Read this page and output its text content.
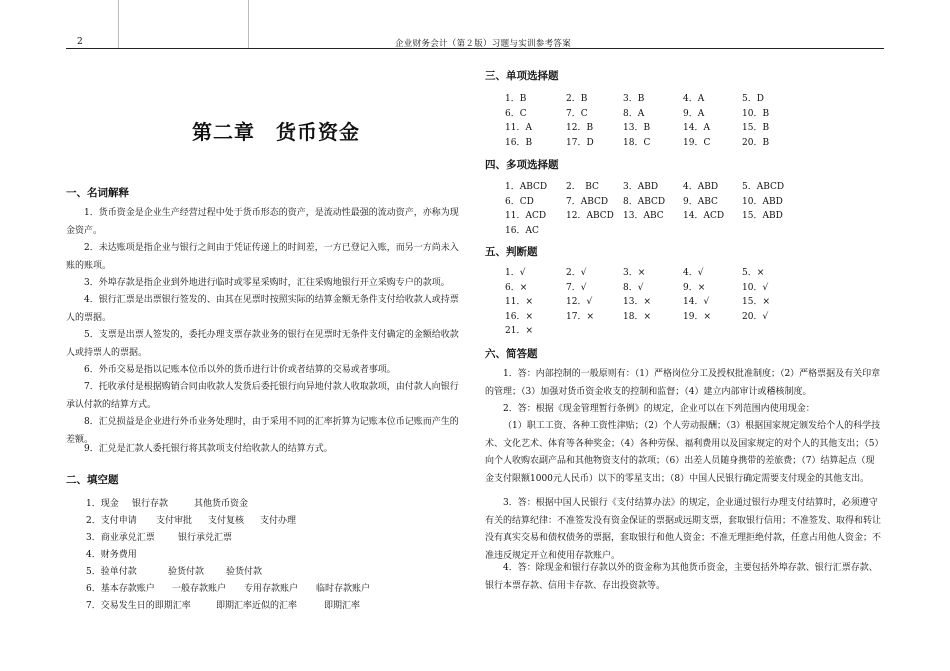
2	企业财务会计（第２版）习题与实训参考答案
第二章　货币资金
一、名词解释
1．货币资金是企业生产经营过程中处于货币形态的资产，是流动性最强的流动资产，亦称为现金资产。
2．未达账项是指企业与银行之间由于凭证传递上的时间差，一方已登记入账，而另一方尚未入账的账项。
3．外埠存款是指企业到外地进行临时或零星采购时，汇往采购地银行开立采购专户的款项。
4．银行汇票是出票银行签发的、由其在见票时按照实际的结算金额无条件支付给收款人或持票人的票据。
5．支票是出票人签发的，委托办理支票存款业务的银行在见票时无条件支付确定的金额给收款人或持票人的票据。
6．外币交易是指以记账本位币以外的货币进行计价或者结算的交易或者事项。
7．托收承付是根据购销合同由收款人发货后委托银行向异地付款人收取款项，由付款人向银行承认付款的结算方式。
8．汇兑损益是企业进行外币业务处理时，由于采用不同的汇率折算为记账本位币记账而产生的差额。
9．汇兑是汇款人委托银行将其款项支付给收款人的结算方式。
二、填空题
1．现金 银行存款	其他货币资金
2．支付申请 支付审批 支付复核 支付办理
3．商业承兑汇票	银行承兑汇票
4．财务费用
5．验单付款	验货付款 验货付款
6．基本存款账户 一般存款账户 专用存款账户 临时存款账户
7．交易发生日的即期汇率	即期汇率近似的汇率	即期汇率
三、单项选择题
1．B	2．B	3．B	4．A	5．D
6．C	7．C	8．A	9．A	10．B
11．A	12．B	13．B	14．A	15．B
16．B	17．D	18．C	19．C	20．B
四、多项选择题
1．ABCD 2．　BC	3．ABD	4．ABD	5．ABCD
6．CD	7．ABCD 8．ABCD 9．ABC	10．ABD
11．ACD 12．ABCD 13．ABC 14．ACD 15．ABD
16．AC
五、判断题
1．√	2．√	3．×	4．√	5．×
6．×	7．√	8．√	9．×	10．√
11．×	12．√	13．×	14．√	15．×
16．×	17．×	18．×	19．×	20．√
21．×
六、简答题
1．答：内部控制的一般原则有：（1）严格岗位分工及授权批准制度；（2）严格票据及有关印章的管理；（3）加强对货币资金收支的控制和监督；（4）建立内部审计或稽核制度。
2．答：根据《现金管理暂行条例》的规定，企业可以在下列范围内使用现金：
（1）职工工资、各种工资性津贴；（2）个人劳动报酬；（3）根据国家规定颁发给个人的科学技术、文化艺术、体育等各种奖金；（4）各种劳保、福利费用以及国家规定的对个人的其他支出；（5）向个人收购农副产品和其他物资支付的款项；（6）出差人员随身携带的差旅费；（7）结算起点（现金支付限额1000元人民币）以下的零星支出；（8）中国人民银行确定需要支付现金的其他支出。
3．答：根据中国人民银行《支付结算办法》的规定，企业通过银行办理支付结算时，必须遵守有关的结算纪律：不准签发没有资金保证的票据或远期支票，套取银行信用；不准签发、取得和转让没有真实交易和债权债务的票据，套取银行和他人资金；不准无理拒绝付款，任意占用他人资金；不准违反规定开立和使用存款账户。
4．答：除现金和银行存款以外的资金称为其他货币资金，主要包括外埠存款、银行汇票存款、银行本票存款、信用卡存款、存出投资款等。
